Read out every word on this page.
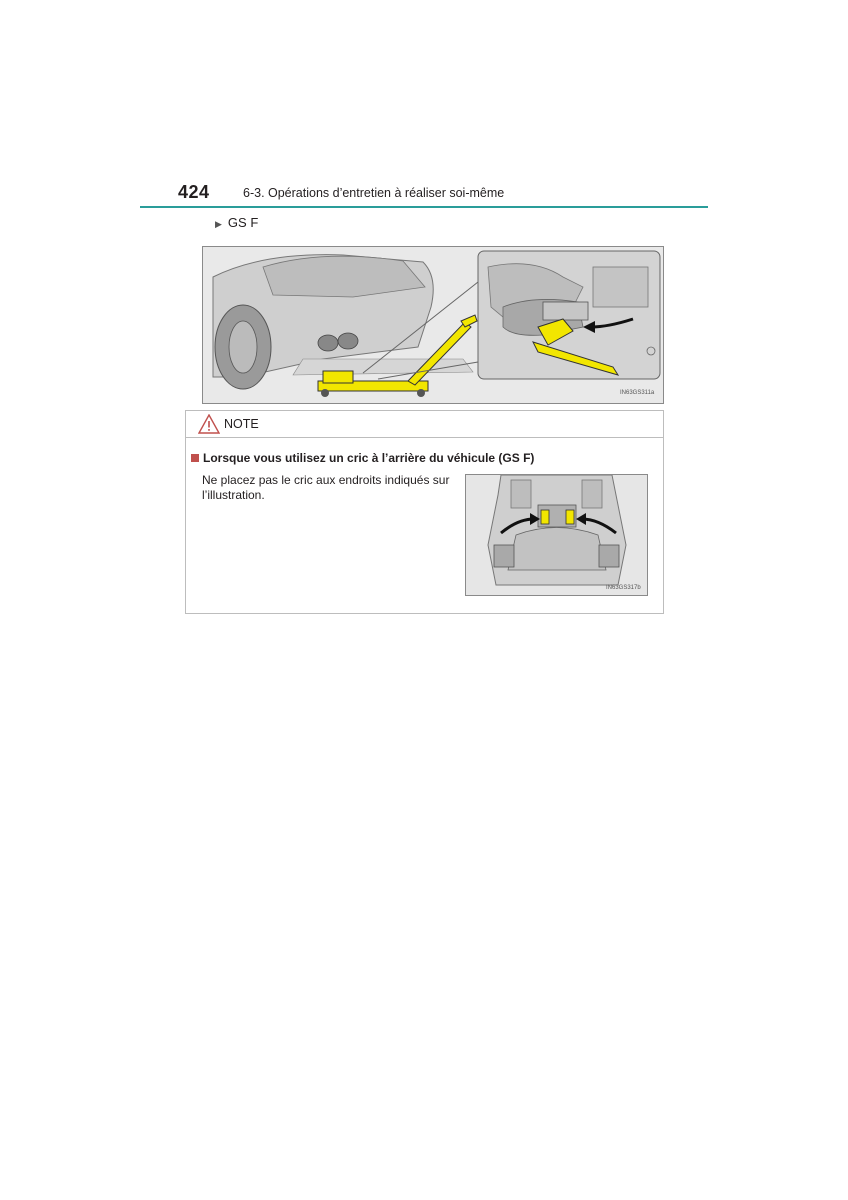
424	6-3. Opérations d’entretien à réaliser soi-même
▶ GS F
IN63GS311a
NOTE
Lorsque vous utilisez un cric à l’arrière du véhicule (GS F)
Ne placez pas le cric aux endroits indiqués sur l’illustration.
IN63GS317b
